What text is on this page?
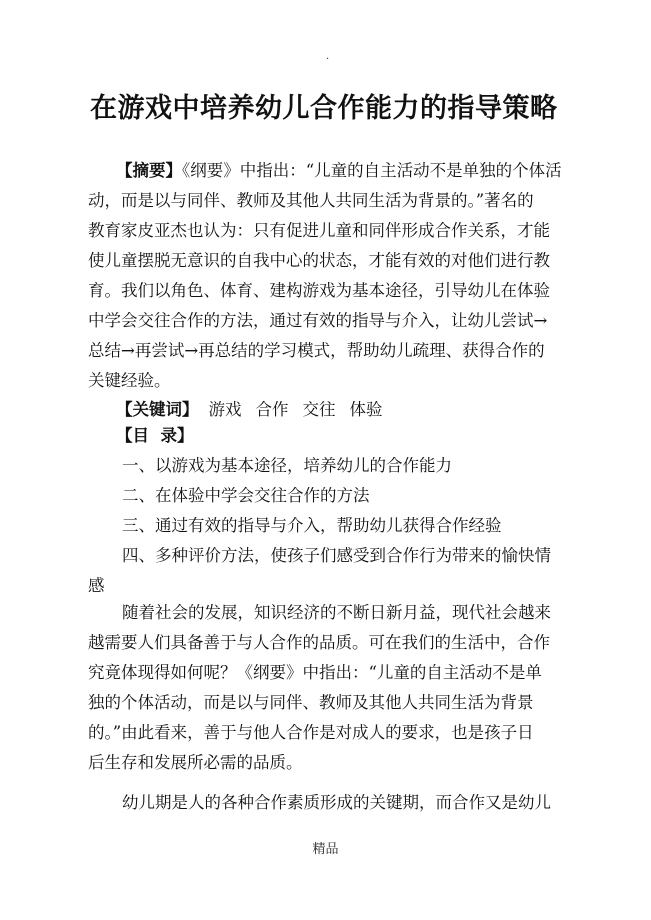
·
在游戏中培养幼儿合作能力的指导策略
【摘要】《纲要》中指出：“儿童的自主活动不是单独的个体活
动，而是以与同伴、教师及其他人共同生活为背景的。”著名的
教育家皮亚杰也认为：只有促进儿童和同伴形成合作关系，才能
使儿童摆脱无意识的自我中心的状态，才能有效的对他们进行教
育。我们以角色、体育、建构游戏为基本途径，引导幼儿在体验
中学会交往合作的方法，通过有效的指导与介入，让幼儿尝试→
总结→再尝试→再总结的学习模式，帮助幼儿疏理、获得合作的
关键经验。
【关键词】 游戏 合作 交往 体验
【目  录】
一、以游戏为基本途径，培养幼儿的合作能力
二、在体验中学会交往合作的方法
三、通过有效的指导与介入，帮助幼儿获得合作经验
四、多种评价方法，使孩子们感受到合作行为带来的愉快情
感
随着社会的发展，知识经济的不断日新月益，现代社会越来
越需要人们具备善于与人合作的品质。可在我们的生活中，合作
究竟体现得如何呢？《纲要》中指出：“儿童的自主活动不是单
独的个体活动，而是以与同伴、教师及其他人共同生活为背景
的。”由此看来，善于与他人合作是对成人的要求，也是孩子日
后生存和发展所必需的品质。
幼儿期是人的各种合作素质形成的关键期，而合作又是幼儿
精品
